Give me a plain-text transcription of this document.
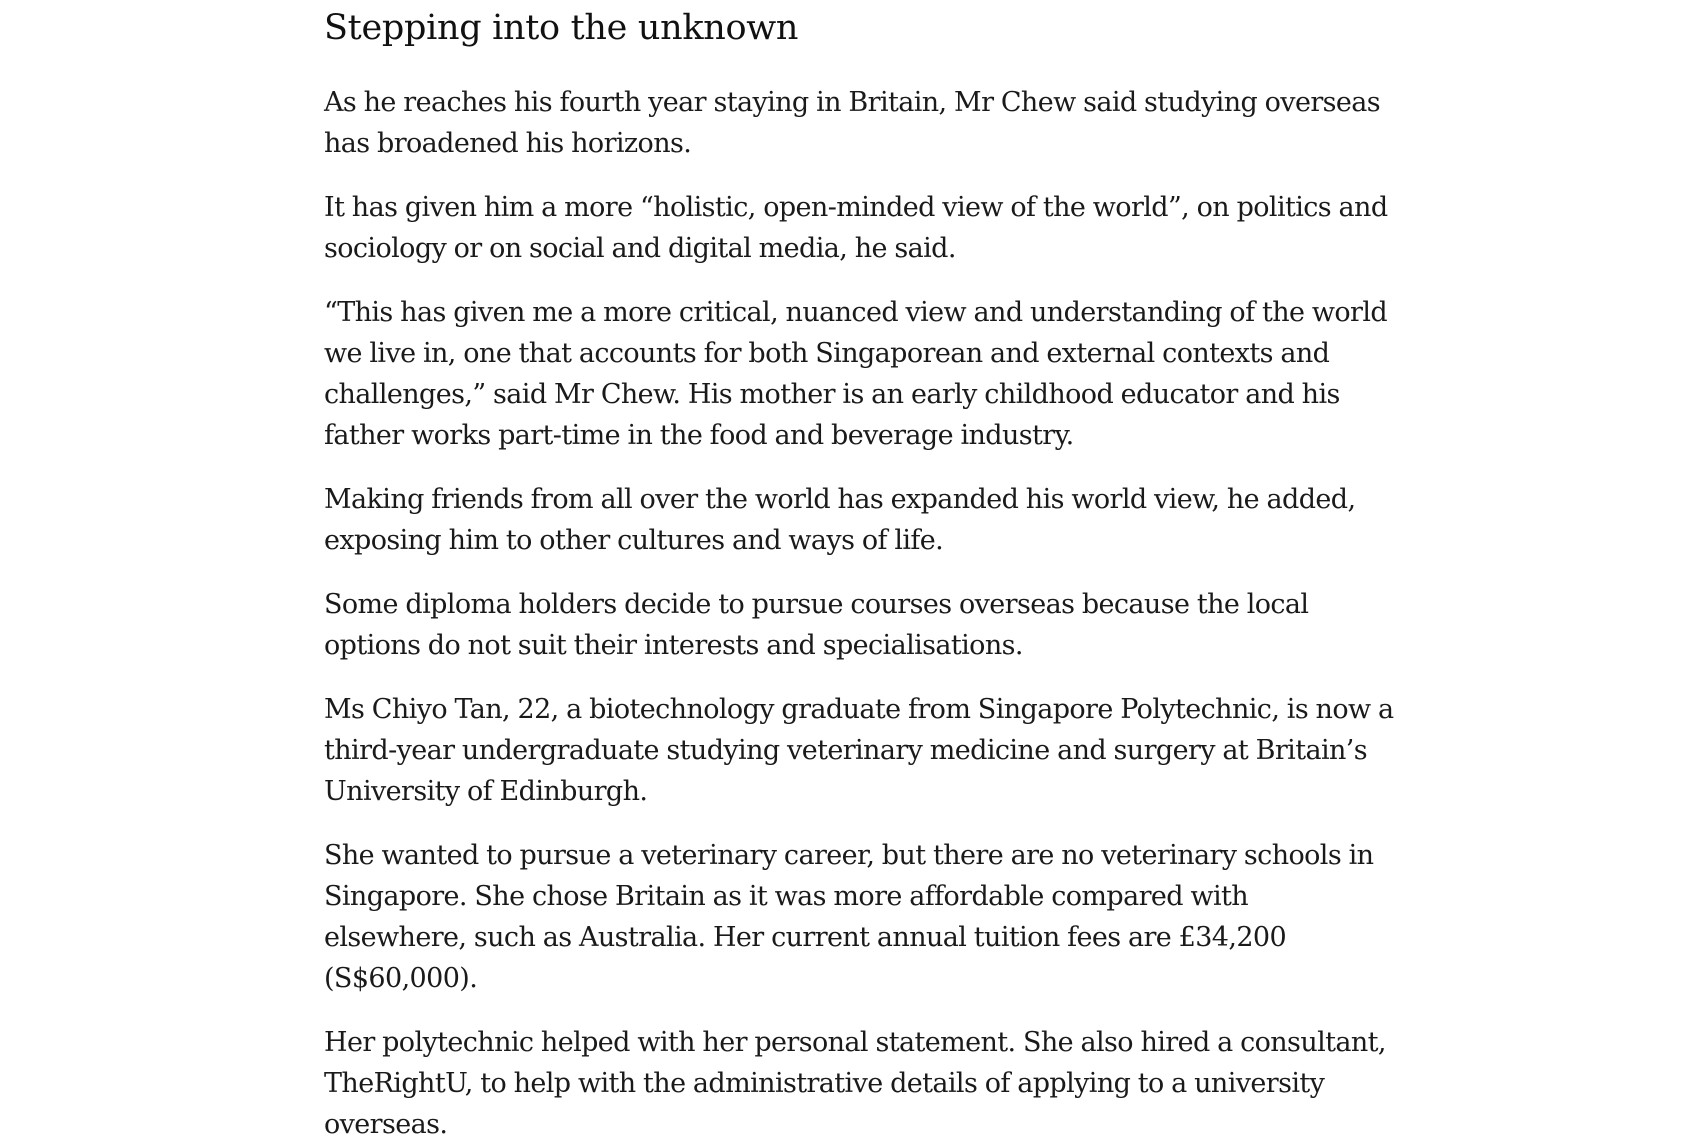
Stepping into the unknown

As he reaches his fourth year staying in Britain, Mr Chew said studying overseas has broadened his horizons.

It has given him a more “holistic, open-minded view of the world”, on politics and sociology or on social and digital media, he said.

“This has given me a more critical, nuanced view and understanding of the world we live in, one that accounts for both Singaporean and external contexts and challenges,” said Mr Chew. His mother is an early childhood educator and his father works part-time in the food and beverage industry.

Making friends from all over the world has expanded his world view, he added, exposing him to other cultures and ways of life.

Some diploma holders decide to pursue courses overseas because the local options do not suit their interests and specialisations.

Ms Chiyo Tan, 22, a biotechnology graduate from Singapore Polytechnic, is now a third-year undergraduate studying veterinary medicine and surgery at Britain’s University of Edinburgh.

She wanted to pursue a veterinary career, but there are no veterinary schools in Singapore. She chose Britain as it was more affordable compared with elsewhere, such as Australia. Her current annual tuition fees are £34,200 (S$60,000).

Her polytechnic helped with her personal statement. She also hired a consultant, TheRightU, to help with the administrative details of applying to a university overseas.
